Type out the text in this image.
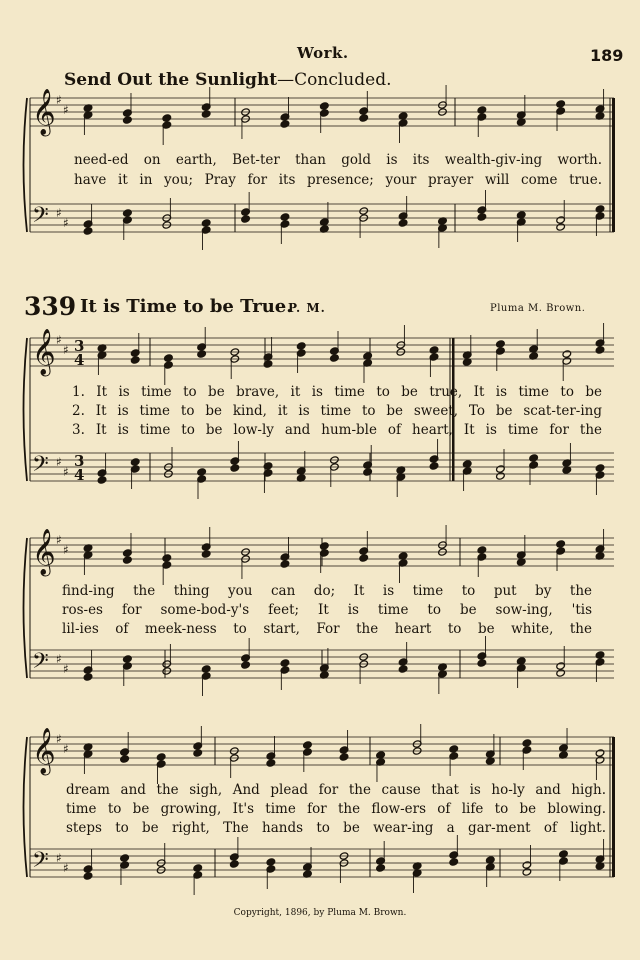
Work.	189
Send Out the Sunlight—Concluded.
𝄞
𝄢
♯
♯
♯
♯
𝄞
𝄢
♯
♯
♯
♯
3
4
3
4
𝄞
𝄢
♯
♯
♯
♯
𝄞
𝄢
♯
♯
♯
♯
need-ed on earth, Bet-ter than gold is its wealth-giv-ing worth.
have it in you; Pray for its presence; your prayer will come true.
339 It is Time to be True.
P. M.	Pluma M. Brown.
1. It is time to be brave, it is time to be true, It is time to be
2. It is time to be kind, it is time to be sweet, To be scat-ter-ing
3. It is time to be low-ly and hum-ble of heart, It is time for the
find-ing the thing you can do; It is time to put by the
ros-es for some-bod-y's feet; It is time to be sow-ing, 'tis
lil-ies of meek-ness to start, For the heart to be white, the
dream and the sigh, And plead for the cause that is ho-ly and high.
time to be growing, It's time for the flow-ers of life to be blowing.
steps to be right, The hands to be wear-ing a gar-ment of light.
Copyright, 1896, by Pluma M. Brown.
